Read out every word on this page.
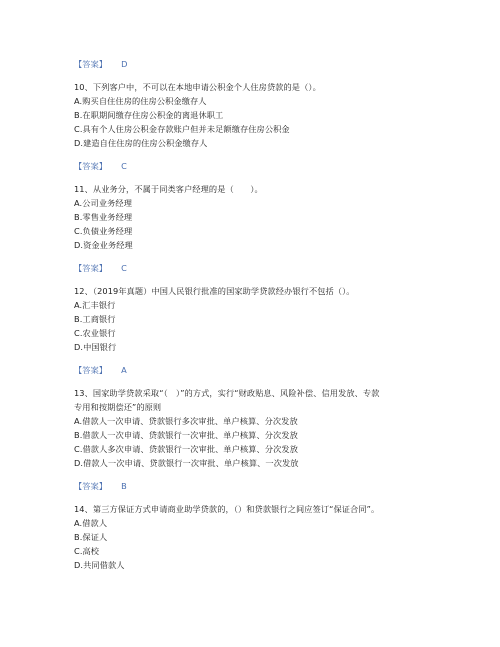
【答案】 D
10、下列客户中，不可以在本地申请公积金个人住房贷款的是（）。
A.购买自住住房的住房公积金缴存人
B.在职期间缴存住房公积金的离退休职工
C.具有个人住房公积金存款账户但并未足额缴存住房公积金
D.建造自住住房的住房公积金缴存人
【答案】 C
11、从业务分，不属于同类客户经理的是（　　）。
A.公司业务经理
B.零售业务经理
C.负债业务经理
D.资金业务经理
【答案】 C
12、（2019年真题）中国人民银行批准的国家助学贷款经办银行不包括（）。
A.汇丰银行
B.工商银行
C.农业银行
D.中国银行
【答案】 A
13、国家助学贷款采取“（　）”的方式，实行“财政贴息、风险补偿、信用发放、专款
专用和按期偿还”的原则
A.借款人一次申请、贷款银行多次审批、单户核算、分次发放
B.借款人一次申请、贷款银行一次审批、单户核算、分次发放
C.借款人多次申请、贷款银行一次审批、单户核算、分次发放
D.借款人一次申请、贷款银行一次审批、单户核算、一次发放
【答案】 B
14、第三方保证方式申请商业助学贷款的，（）和贷款银行之间应签订“保证合同”。
A.借款人
B.保证人
C.高校
D.共同借款人
